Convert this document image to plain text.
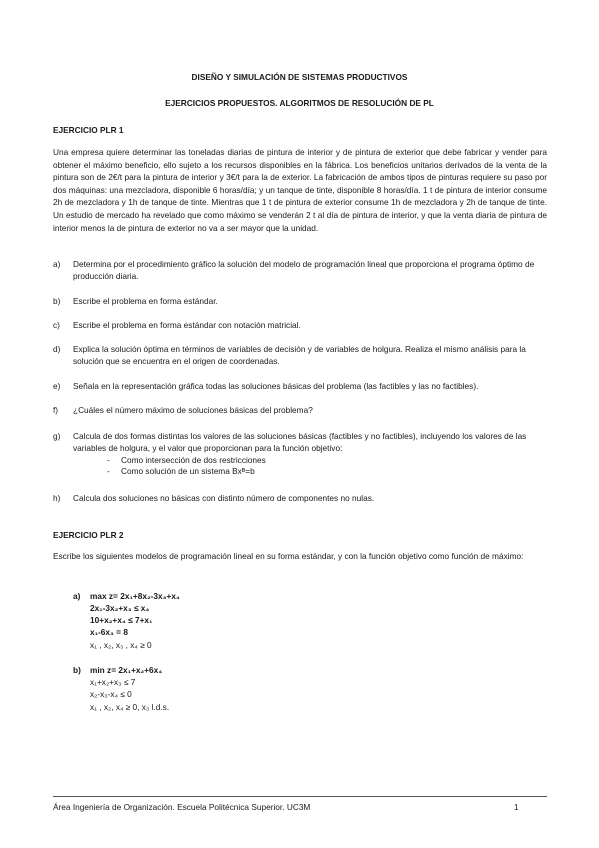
DISEÑO Y SIMULACIÓN DE SISTEMAS PRODUCTIVOS
EJERCICIOS PROPUESTOS. ALGORITMOS DE RESOLUCIÓN DE PL
EJERCICIO PLR 1
Una empresa quiere determinar las toneladas diarias de pintura de interior y de pintura de exterior que debe fabricar y vender para obtener el máximo beneficio, ello sujeto a los recursos disponibles en la fábrica. Los beneficios unitarios derivados de la venta de la pintura son de 2€/t para la pintura de interior y 3€/t para la de exterior. La fabricación de ambos tipos de pinturas requiere su paso por dos máquinas: una mezcladora, disponible 6 horas/día; y un tanque de tinte, disponible 8 horas/día. 1 t de pintura de interior consume 2h de mezcladora y 1h de tanque de tinte. Mientras que 1 t de pintura de exterior consume 1h de mezcladora y 2h de tanque de tinte. Un estudio de mercado ha revelado que como máximo se venderán 2 t al día de pintura de interior, y que la venta diaria de pintura de interior menos la de pintura de exterior no va a ser mayor que la unidad.
a) Determina por el procedimiento gráfico la solución del modelo de programación lineal que proporciona el programa óptimo de producción diaria.
b) Escribe el problema en forma estándar.
c) Escribe el problema en forma estándar con notación matricial.
d) Explica la solución óptima en términos de variables de decisión y de variables de holgura. Realiza el mismo análisis para la solución que se encuentra en el origen de coordenadas.
e) Señala en la representación gráfica todas las soluciones básicas del problema (las factibles y las no factibles).
f) ¿Cuáles el número máximo de soluciones básicas del problema?
g) Calcula de dos formas distintas los valores de las soluciones básicas (factibles y no factibles), incluyendo los valores de las variables de holgura, y el valor que proporcionan para la función objetivo:
- Como intersección de dos restricciones
- Como solución de un sistema Bxᴮ=b
h) Calcula dos soluciones no básicas con distinto número de componentes no nulas.
EJERCICIO PLR 2
Escribe los siguientes modelos de programación lineal en su forma estándar, y con la función objetivo como función de máximo:
a) max z= 2x₁+8x₂-3x₃+x₄
2x₁-3x₂+x₃ ≤ x₄
10+x₂+x₄ ≤ 7+x₁
x₁-6x₃ = 8
x₁ , x₂, x₃ , x₄ ≥ 0
b) min z= 2x₁+x₂+6x₄
x₁+x₂+x₃ ≤ 7
x₂-x₃-x₄ ≤ 0
x₁ , x₂, x₄ ≥ 0, x₃ l.d.s.
Área Ingeniería de Organización. Escuela Politécnica Superior. UC3M	1
